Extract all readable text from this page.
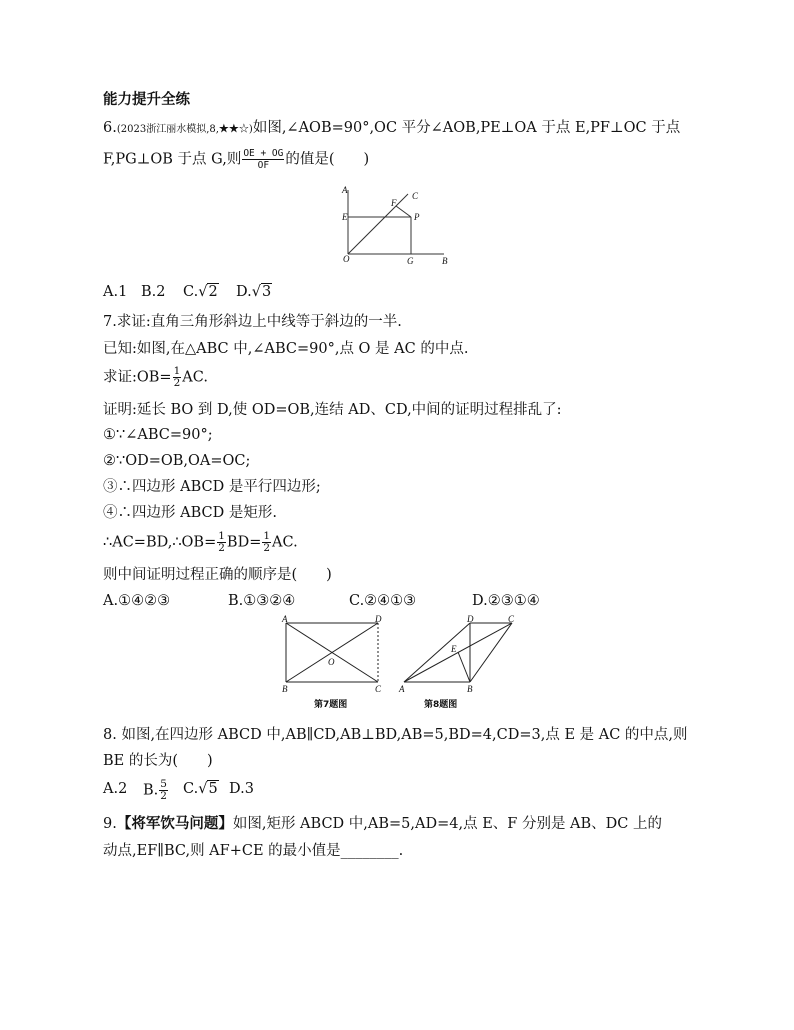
能力提升全练
6.(2023浙江丽水模拟,8,★★☆)如图,∠AOB=90°,OC 平分∠AOB,PE⊥OA 于点 E,PF⊥OC 于点
F,PG⊥OB 于点 G,则 $\frac{OE + OG}{OF}$ 的值是(　　)
A
C
E
F
P
O	G	B
A.1 B.2 C.√2 D.√3
7.求证:直角三角形斜边上中线等于斜边的一半.
已知:如图,在△ABC 中,∠ABC=90°,点 O 是 AC 的中点.
求证:OB= $\frac{1}{2}$ AC.
证明:延长 BO 到 D,使 OD=OB,连结 AD、CD,中间的证明过程排乱了:
①∵∠ABC=90°;
②∵OD=OB,OA=OC;
③∴四边形 ABCD 是平行四边形;
④∴四边形 ABCD 是矩形.
∴AC=BD,∴OB= $\frac{1}{2} BD= \frac{1}{2}$ AC.
则中间证明过程正确的顺序是(　　)
A.①④②③	B.①③②④	C.②④①③	D.②③①④
A	D
O
B	C
第7题图
D	C
E
A	B
第8题图
8. 如图,在四边形 ABCD 中,AB∥CD,AB⊥BD,AB=5,BD=4,CD=3,点 E 是 AC 的中点,则
BE 的长为(　　)
A.2 B. $\frac{5}{2} C.√5$ D.3
9.【将军饮马问题】如图,矩形 ABCD 中,AB=5,AD=4,点 E、F 分别是 AB、DC 上的
动点,EF∥BC,则 AF+CE 的最小值是________.
